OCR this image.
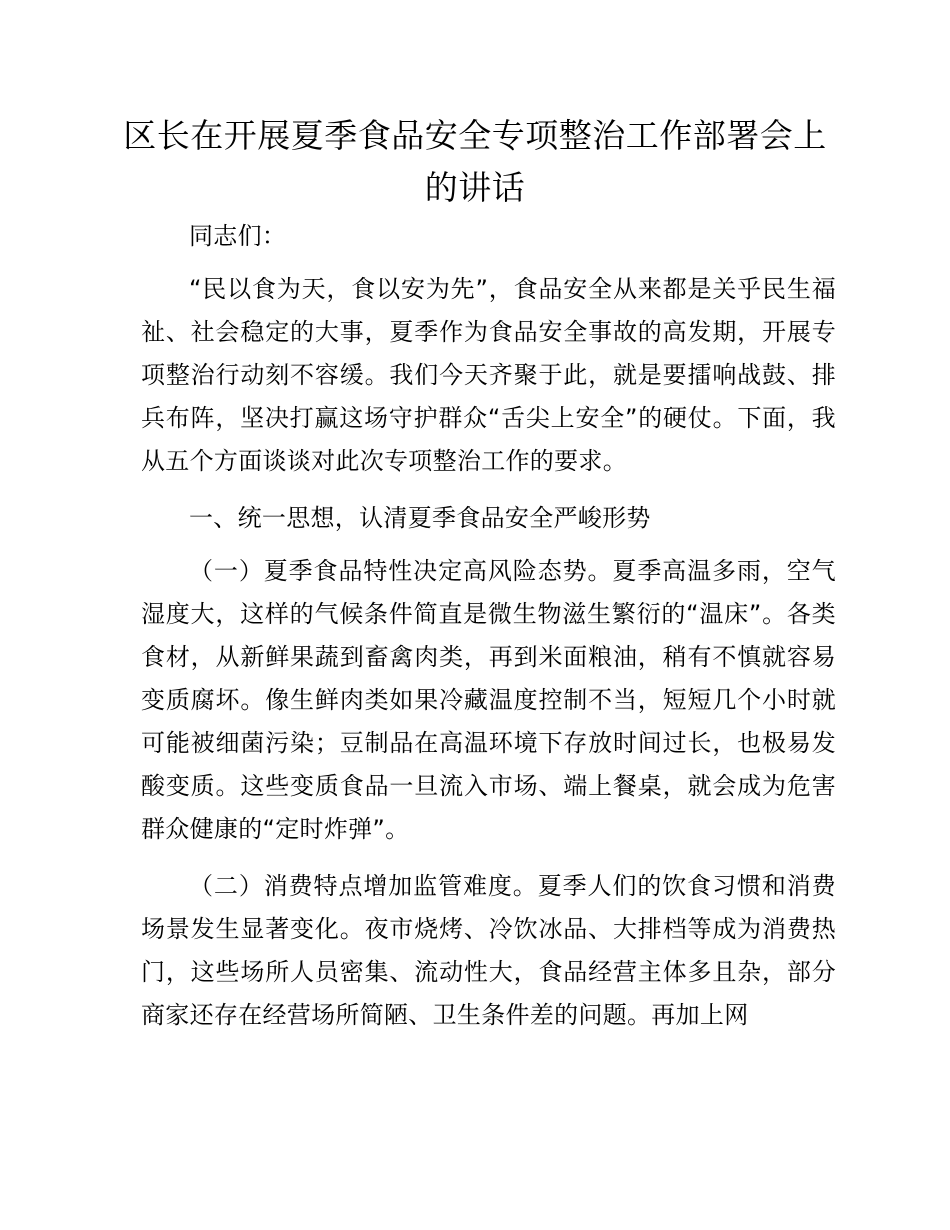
区长在开展夏季食品安全专项整治工作部署会上的讲话

同志们：

“民以食为天，食以安为先”，食品安全从来都是关乎民生福祉、社会稳定的大事，夏季作为食品安全事故的高发期，开展专项整治行动刻不容缓。我们今天齐聚于此，就是要擂响战鼓、排兵布阵，坚决打赢这场守护群众“舌尖上安全”的硬仗。下面，我从五个方面谈谈对此次专项整治工作的要求。

一、统一思想，认清夏季食品安全严峻形势

（一）夏季食品特性决定高风险态势。夏季高温多雨，空气湿度大，这样的气候条件简直是微生物滋生繁衍的“温床”。各类食材，从新鲜果蔬到畜禽肉类，再到米面粮油，稍有不慎就容易变质腐坏。像生鲜肉类如果冷藏温度控制不当，短短几个小时就可能被细菌污染；豆制品在高温环境下存放时间过长，也极易发酸变质。这些变质食品一旦流入市场、端上餐桌，就会成为危害群众健康的“定时炸弹”。

（二）消费特点增加监管难度。夏季人们的饮食习惯和消费场景发生显著变化。夜市烧烤、冷饮冰品、大排档等成为消费热门，这些场所人员密集、流动性大，食品经营主体多且杂，部分商家还存在经营场所简陋、卫生条件差的问题。再加上网
